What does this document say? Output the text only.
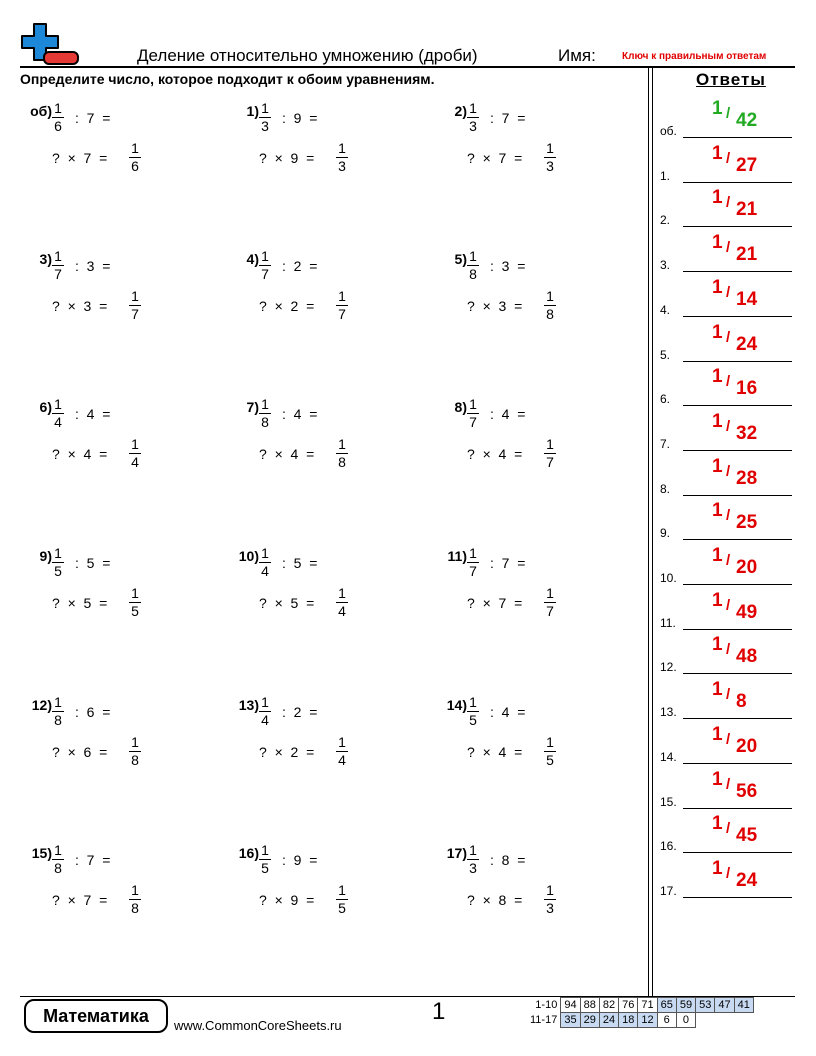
Деление относительно умножению (дроби)	Имя:	Ключ к правильным ответам
Определите число, которое подходит к обоим уравнениям.
об) 1
6 : 7 =
? × 7 =
1
6
1) 1
3 : 9 =
? × 9 =
1
3
2) 1
3 : 7 =
? × 7 =
1
3
3) 1
7 : 3 =
? × 3 =
1
7
4) 1
7 : 2 =
? × 2 =
1
7
5) 1
8 : 3 =
? × 3 =
1
8
6) 1
4 : 4 =
? × 4 =
1
4
7) 1
8 : 4 =
? × 4 =
1
8
8) 1
7 : 4 =
? × 4 =
1
7
9) 1
5 : 5 =
? × 5 =
1
5
10) 1
4 : 5 =
? × 5 =
1
4
11) 1
7 : 7 =
? × 7 =
1
7
12) 1
8 : 6 =
? × 6 =
1
8
13) 1
4 : 2 =
? × 2 =
1
4
14) 1
5 : 4 =
? × 4 =
1
5
15) 1
8 : 7 =
? × 7 =
1
8
16) 1
5 : 9 =
? × 9 =
1
5
17) 1
3 : 8 =
? × 8 =
1
3
Ответы
об.
1 / 42
1.
1 / 27
2.
1 / 21
3.
1 / 21
4.
1 / 14
5.
1 / 24
6.
1 / 16
7.
1 / 32
8.
1 / 28
9.
1 / 25
10.
1 / 20
11.
1 / 49
12.
1 / 48
13.
1 / 8
14.
1 / 20
15.
1 / 56
16.
1 / 45
17.
1 / 24
Математика	www.CommonCoreSheets.ru
1	1-10	94	88	82	76	71	65	59	53	47	41
11-17	35	29	24	18	12	6	0			
